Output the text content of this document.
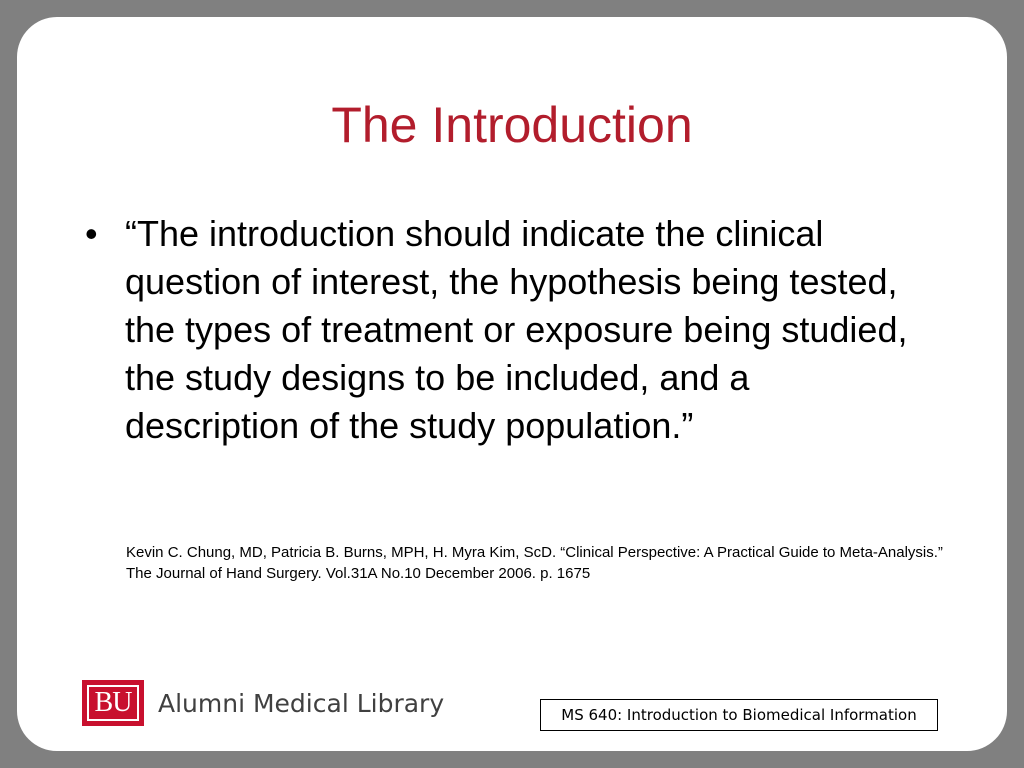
The Introduction
• “The introduction should indicate the clinical question of interest, the hypothesis being tested, the types of treatment or exposure being studied, the study designs to be included, and a description of the study population.”
Kevin C. Chung, MD, Patricia B. Burns, MPH, H. Myra Kim, ScD. “Clinical Perspective: A Practical Guide to Meta-Analysis.” The Journal of Hand Surgery. Vol.31A No.10 December 2006. p. 1675
BU Alumni Medical Library	MS 640: Introduction to Biomedical Information
